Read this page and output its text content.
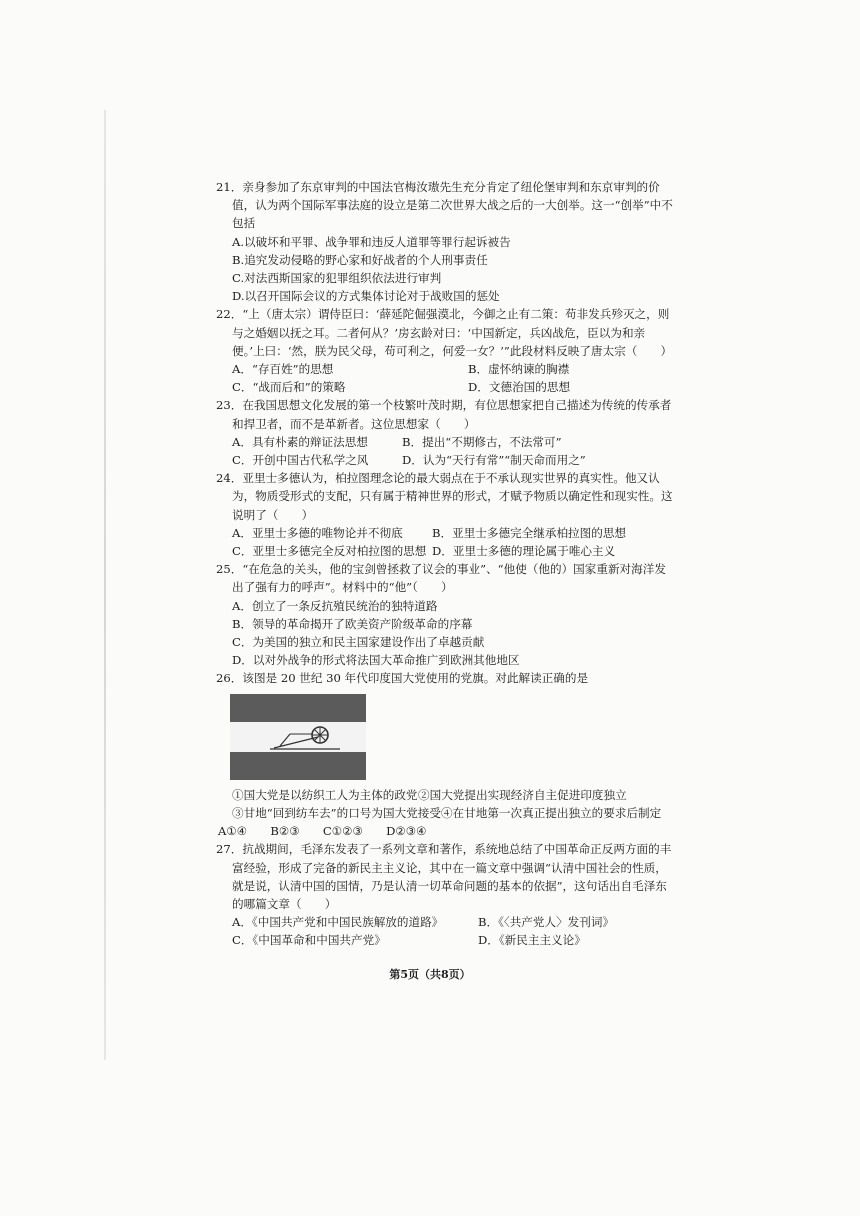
21．亲身参加了东京审判的中国法官梅汝璈先生充分肯定了纽伦堡审判和东京审判的价值，认为两个国际军事法庭的设立是第二次世界大战之后的一大创举。这一“创举”中不包括
A.以破坏和平罪、战争罪和违反人道罪等罪行起诉被告
B.追究发动侵略的野心家和好战者的个人刑事责任
C.对法西斯国家的犯罪组织依法进行审判
D.以召开国际会议的方式集体讨论对于战败国的惩处
22．“上（唐太宗）谓侍臣曰：‘薛延陀倔强漠北，今御之止有二策：苟非发兵殄灭之，则与之婚姻以抚之耳。二者何从？’房玄龄对曰：‘中国新定，兵凶战危，臣以为和亲便。’上曰：‘然，朕为民父母，苟可利之，何爱一女？’”此段材料反映了唐太宗（　　）
A．“存百姓”的思想	B．虚怀纳谏的胸襟
C．“战而后和”的策略	D．文德治国的思想
23．在我国思想文化发展的第一个枝繁叶茂时期，有位思想家把自己描述为传统的传承者和捍卫者，而不是革新者。这位思想家（　　）
A．具有朴素的辩证法思想	B．提出“不期修古，不法常可”
C．开创中国古代私学之风	D．认为“天行有常”“制天命而用之”
24．亚里士多德认为，柏拉图理念论的最大弱点在于不承认现实世界的真实性。他又认为，物质受形式的支配，只有属于精神世界的形式，才赋予物质以确定性和现实性。这说明了（　　）
A．亚里士多德的唯物论并不彻底	B．亚里士多德完全继承柏拉图的思想
C．亚里士多德完全反对柏拉图的思想 D．亚里士多德的理论属于唯心主义
25．“在危急的关头，他的宝剑曾拯救了议会的事业”、“他使（他的）国家重新对海洋发出了强有力的呼声”。材料中的“他”（　　）
A．创立了一条反抗殖民统治的独特道路
B．领导的革命揭开了欧美资产阶级革命的序幕
C．为美国的独立和民主国家建设作出了卓越贡献
D．以对外战争的形式将法国大革命推广到欧洲其他地区
26．该图是 20 世纪 30 年代印度国大党使用的党旗。对此解读正确的是
①国大党是以纺织工人为主体的政党 ②国大党提出实现经济自主促进印度独立
③甘地“回到纺车去”的口号为国大党接受④在甘地第一次真正提出独立的要求后制定
A①④　　B②③　　C①②③　　D②③④
27．抗战期间，毛泽东发表了一系列文章和著作，系统地总结了中国革命正反两方面的丰富经验，形成了完备的新民主主义论，其中在一篇文章中强调“认清中国社会的性质，就是说，认清中国的国情，乃是认清一切革命问题的基本的依据”，这句话出自毛泽东的哪篇文章（　　）
A．《中国共产党和中国民族解放的道路》	B．《〈共产党人〉发刊词》
C．《中国革命和中国共产党》	D．《新民主主义论》
第5页（共8页）
